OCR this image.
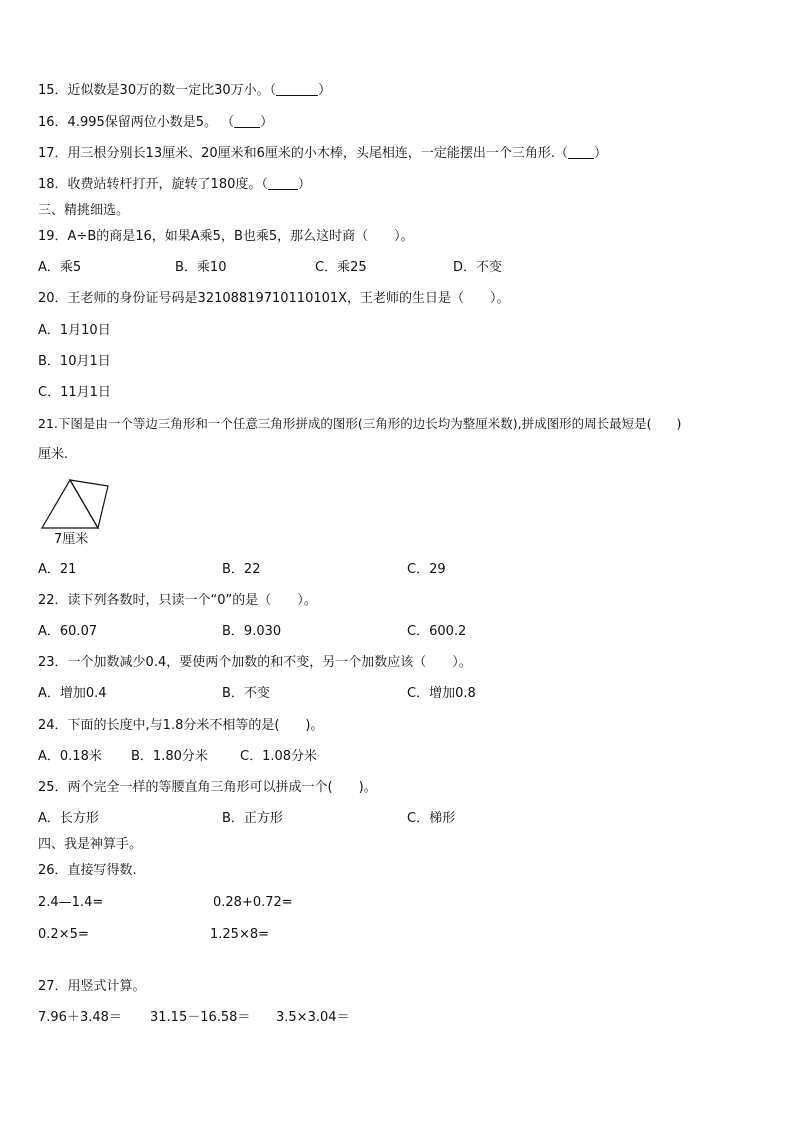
15．近似数是30万的数一定比30万小。（	）
16．4.995保留两位小数是5。 （ ）
17．用三根分别长13厘米、20厘米和6厘米的小木棒，头尾相连，一定能摆出一个三角形.（ ）
18．收费站转杆打开，旋转了180度。（ ）
三、精挑细选。
19．A÷B的商是16，如果A乘5，B也乘5，那么这时商（　　）。
A．乘5	B．乘10	C．乘25	D．不变
20．王老师的身份证号码是32108819710110101X，王老师的生日是（　　）。
A．1月10日
B．10月1日
C．11月1日
21.下图是由一个等边三角形和一个任意三角形拼成的图形(三角形的边长均为整厘米数),拼成图形的周长最短是(　　)
厘米.
7厘米
A．21	B．22	C．29
22．读下列各数时，只读一个“0”的是（　　）。
A．60.07	B．9.030	C．600.2
23．一个加数减少0.4，要使两个加数的和不变，另一个加数应该（　　）。
A．增加0.4	B．不变	C．增加0.8
24．下面的长度中,与1.8分米不相等的是(　　)。
A．0.18米 B．1.80分米 C．1.08分米
25．两个完全一样的等腰直角三角形可以拼成一个(　　)。
A．长方形	B．正方形	C．梯形
四、我是神算手。
26．直接写得数.
2.4—1.4=	0.28+0.72=
0.2×5=	1.25×8=
27．用竖式计算。
7.96＋3.48＝ 31.15－16.58＝ 3.5×3.04＝
